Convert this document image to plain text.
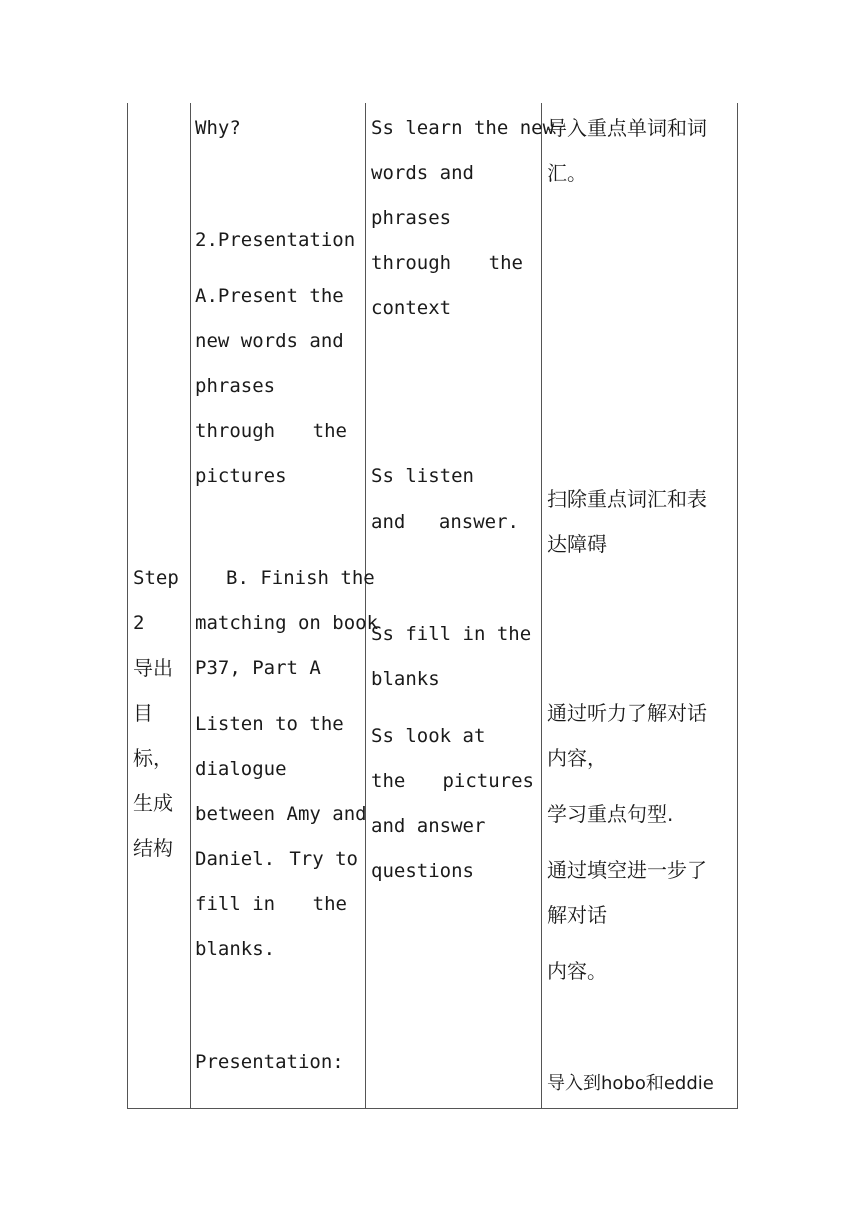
Step
2
导出
目
标，
生成
结构
Why?
2.Presentation
A.Present the
new words and
phrases
through the
pictures
B. Finish the
matching on book
P37, Part A
Listen to the
dialogue
between Amy and
Daniel. Try to
fill in the
blanks.
Presentation:
Ss learn the new
words and
phrases
through the
context
Ss listen
and answer.
Ss fill in the
blanks
Ss look at
the pictures
and answer
questions
导入重点单词和词
汇。
扫除重点词汇和表
达障碍
通过听力了解对话
内容，
学习重点句型.
通过填空进一步了
解对话
内容。
导入到hobo和eddie
